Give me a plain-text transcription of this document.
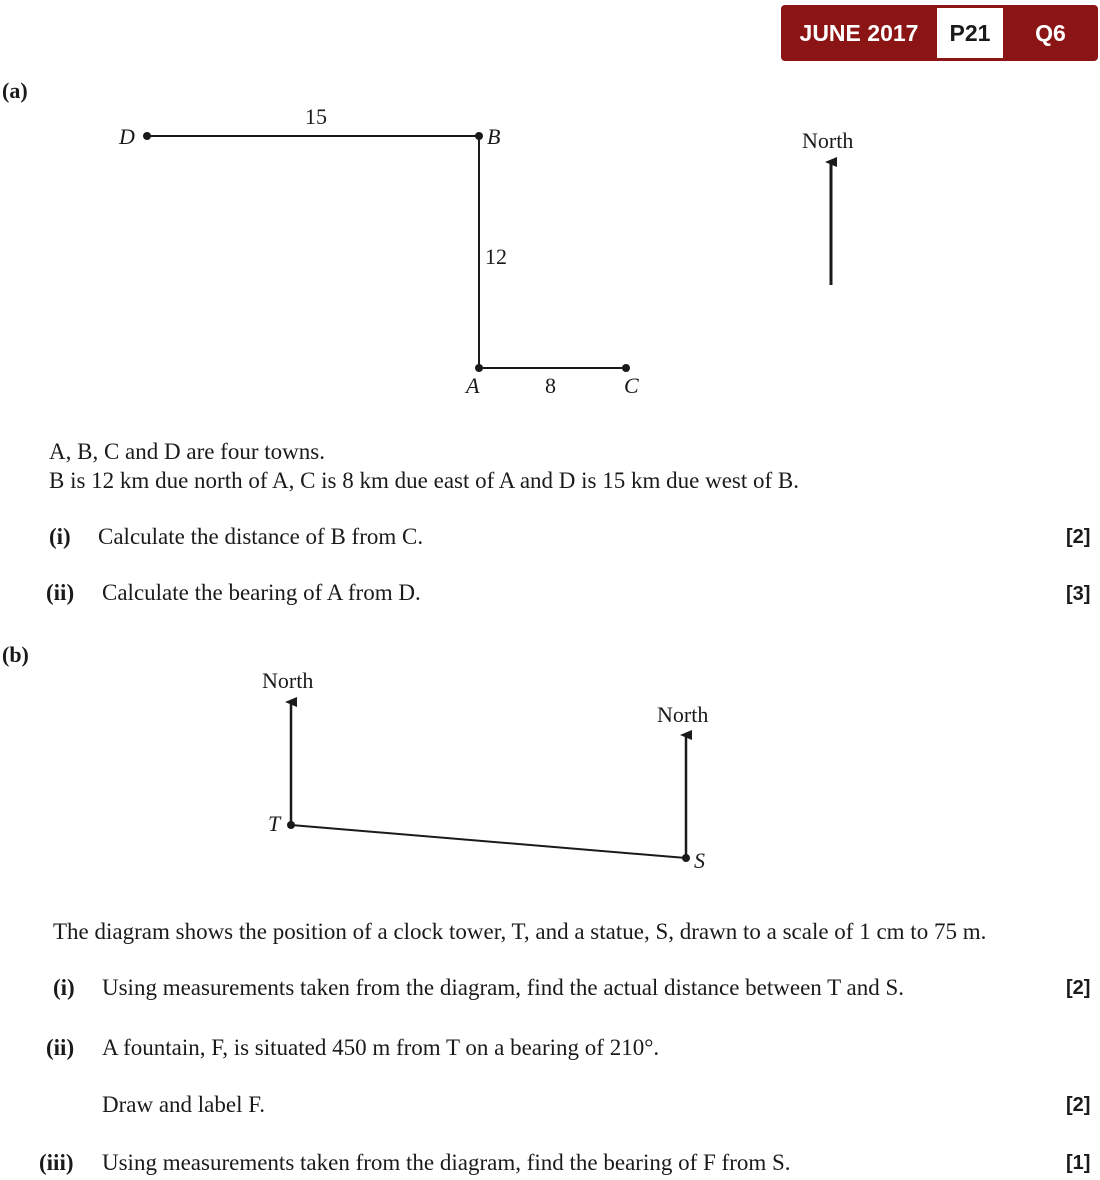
JUNE 2017	P21	Q6
(a)
D	B
A	C
15
12
8
North
North
North
T
S
A, B, C and D are four towns.
B is 12 km due north of A, C is 8 km due east of A and D is 15 km due west of B.
(i) Calculate the distance of B from C.	[2]
(ii) Calculate the bearing of A from D.	[3]
(b)
The diagram shows the position of a clock tower, T, and a statue, S, drawn to a scale of 1 cm to 75 m.
(i) Using measurements taken from the diagram, find the actual distance between T and S.	[2]
(ii) A fountain, F, is situated 450 m from T on a bearing of 210°.
Draw and label F.	[2]
(iii) Using measurements taken from the diagram, find the bearing of F from S.	[1]
